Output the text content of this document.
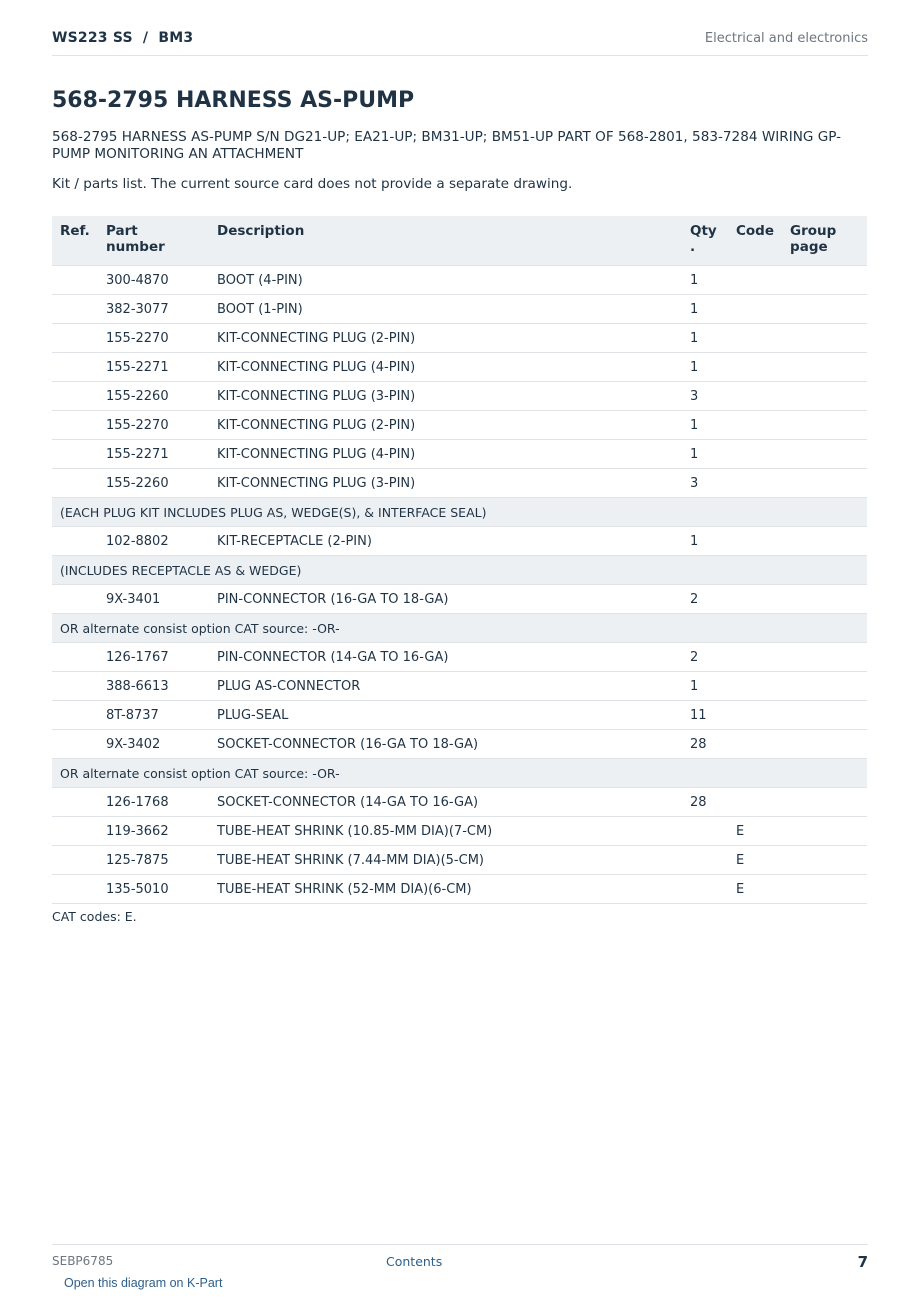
WS223 SS  /  BM3	Electrical and electronics
568-2795 HARNESS AS-PUMP
568-2795 HARNESS AS-PUMP S/N DG21-UP; EA21-UP; BM31-UP; BM51-UP PART OF 568-2801, 583-7284 WIRING GP-PUMP MONITORING AN ATTACHMENT
Kit / parts list. The current source card does not provide a separate drawing.
Ref.	Part number	Description	Qty .	Code	Group page
	300-4870	BOOT (4-PIN)	1		
	382-3077	BOOT (1-PIN)	1		
	155-2270	KIT-CONNECTING PLUG (2-PIN)	1		
	155-2271	KIT-CONNECTING PLUG (4-PIN)	1		
	155-2260	KIT-CONNECTING PLUG (3-PIN)	3		
	155-2270	KIT-CONNECTING PLUG (2-PIN)	1		
	155-2271	KIT-CONNECTING PLUG (4-PIN)	1		
	155-2260	KIT-CONNECTING PLUG (3-PIN)	3		
(EACH PLUG KIT INCLUDES PLUG AS, WEDGE(S), & INTERFACE SEAL)					
	102-8802	KIT-RECEPTACLE (2-PIN)	1		
(INCLUDES RECEPTACLE AS & WEDGE)					
	9X-3401	PIN-CONNECTOR (16-GA TO 18-GA)	2		
OR alternate consist option CAT source: -OR-					
	126-1767	PIN-CONNECTOR (14-GA TO 16-GA)	2		
	388-6613	PLUG AS-CONNECTOR	1		
	8T-8737	PLUG-SEAL	11		
	9X-3402	SOCKET-CONNECTOR (16-GA TO 18-GA)	28		
OR alternate consist option CAT source: -OR-					
	126-1768	SOCKET-CONNECTOR (14-GA TO 16-GA)	28		
	119-3662	TUBE-HEAT SHRINK (10.85-MM DIA)(7-CM)		E	
	125-7875	TUBE-HEAT SHRINK (7.44-MM DIA)(5-CM)		E	
	135-5010	TUBE-HEAT SHRINK (52-MM DIA)(6-CM)		E	
CAT codes: E.
SEBP6785	Contents	7
Open this diagram on K-Part
